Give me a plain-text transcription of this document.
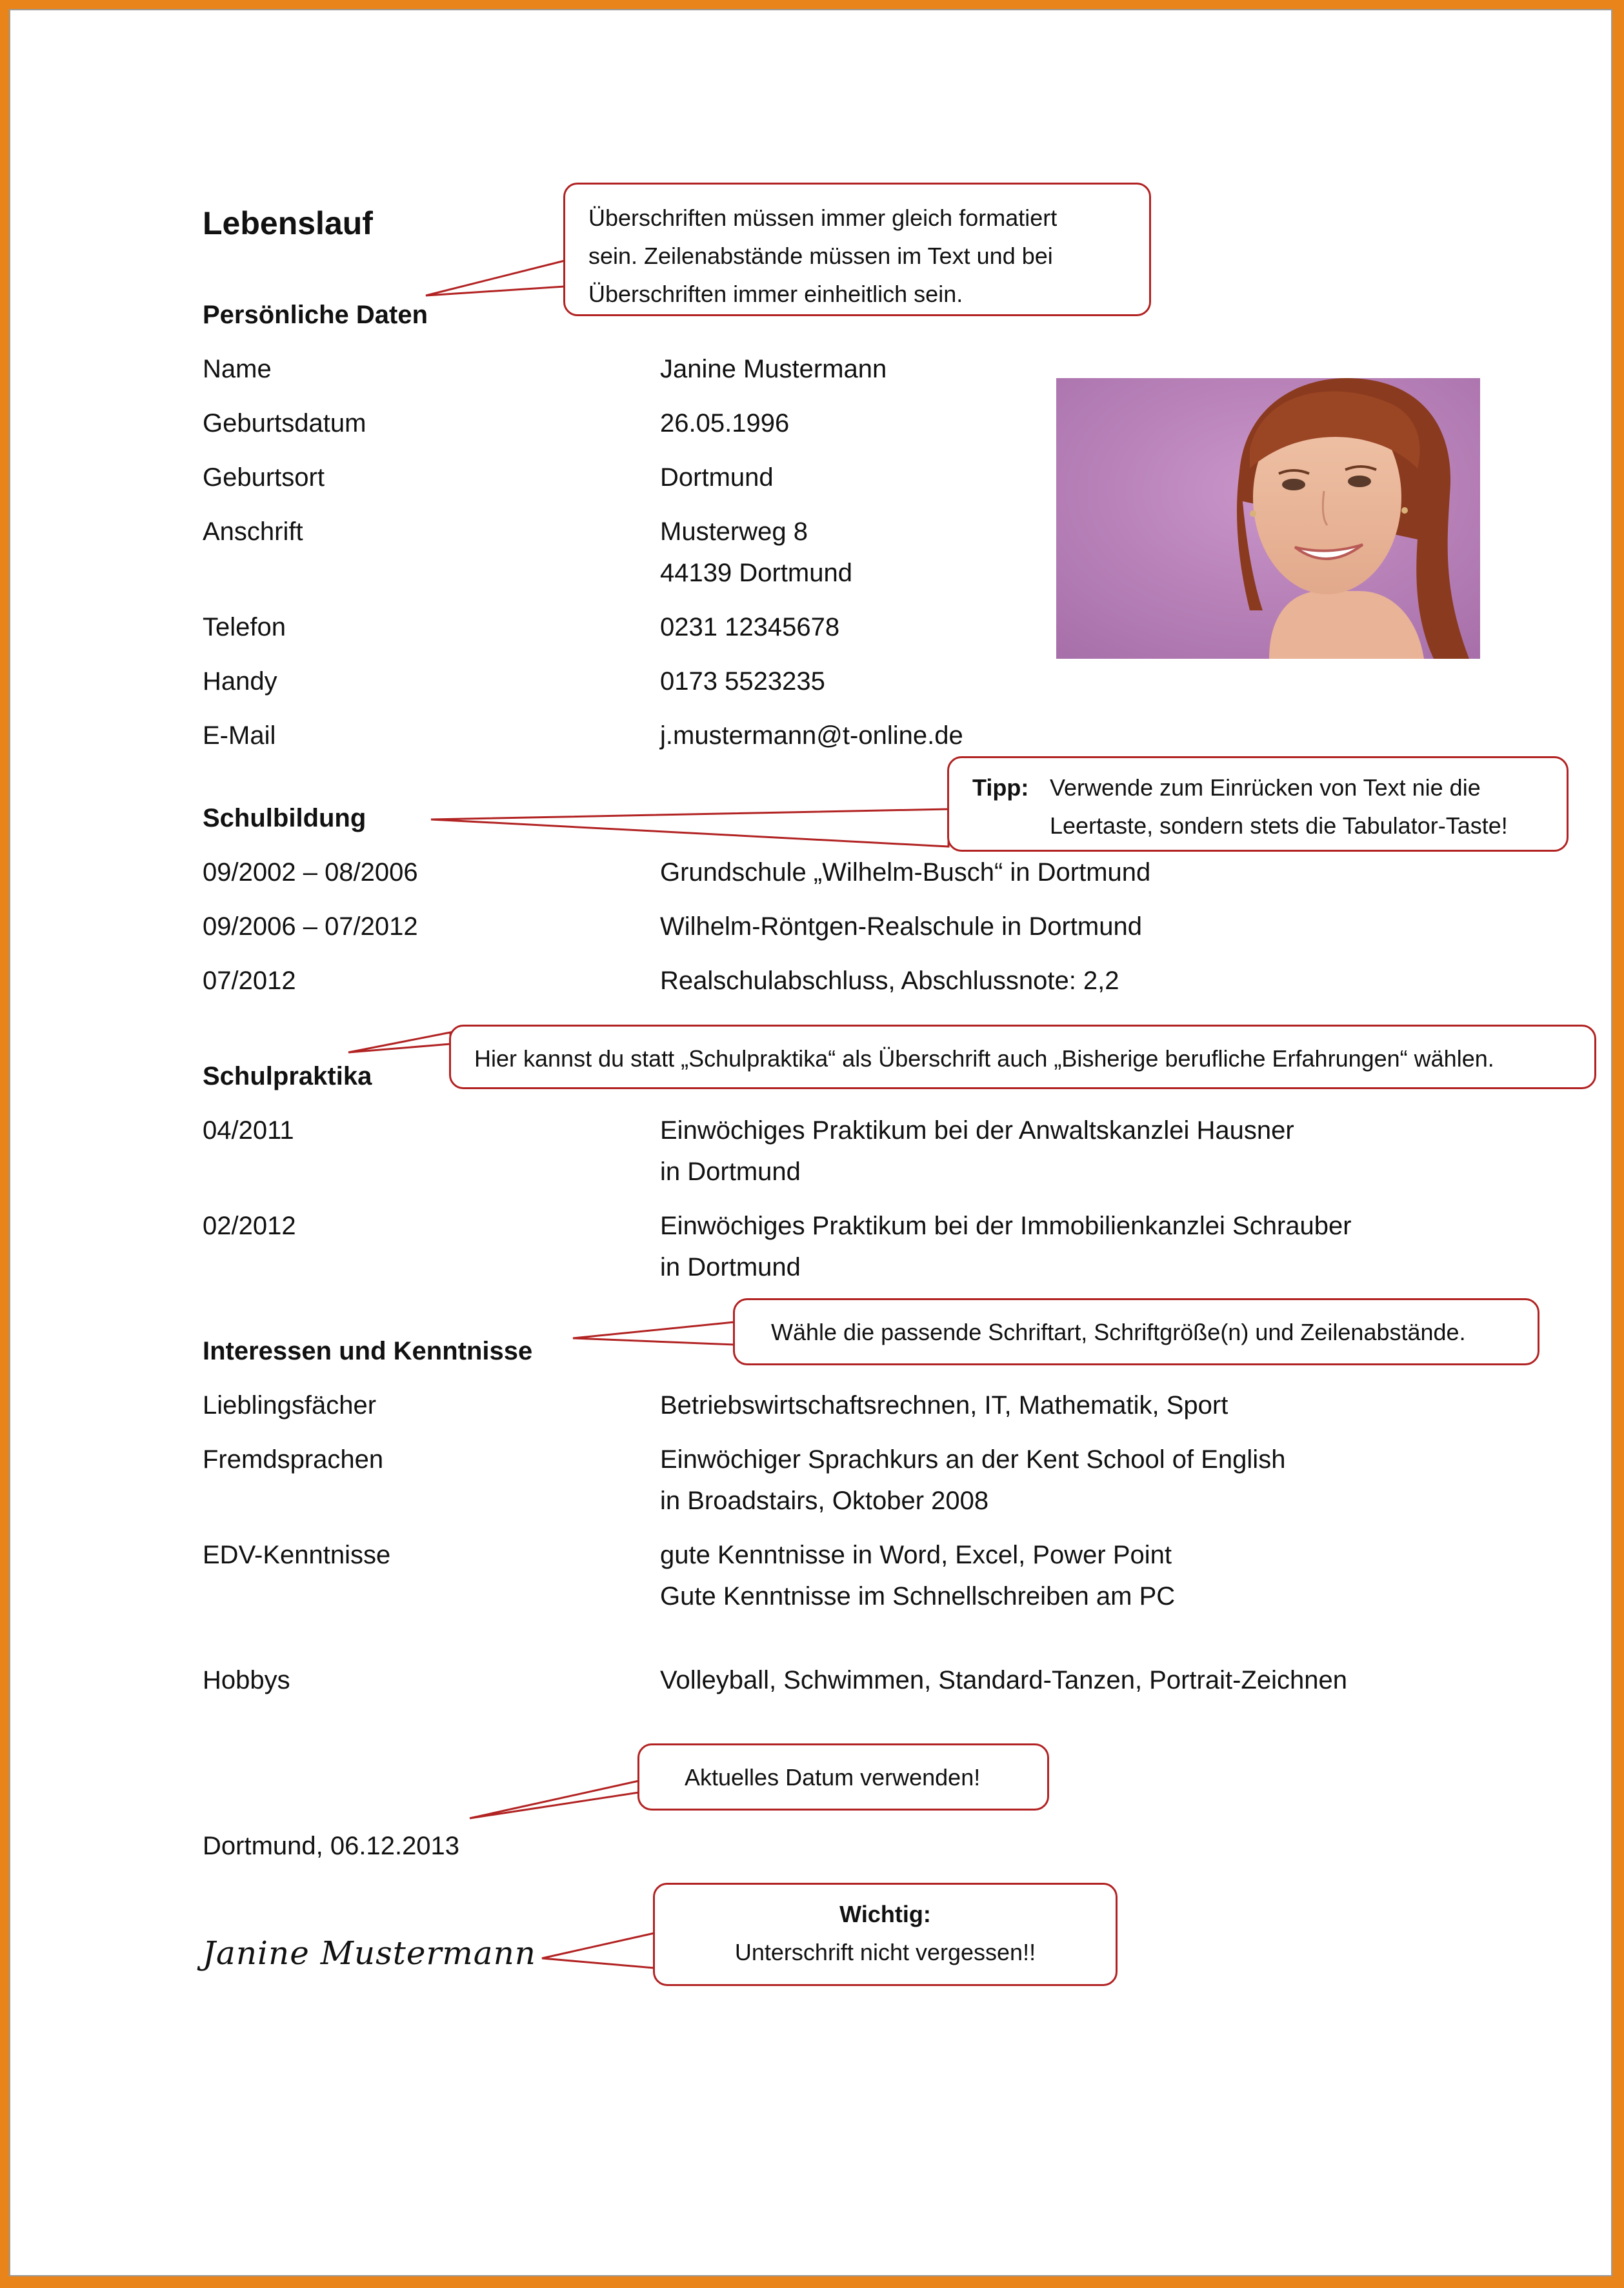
Lebenslauf
Persönliche Daten
Name	Janine Mustermann
Geburtsdatum	26.05.1996
Geburtsort	Dortmund
Anschrift	Musterweg 8
44139 Dortmund
Telefon	0231 12345678
Handy	0173 5523235
E-Mail	j.mustermann@t-online.de
Schulbildung
09/2002 – 08/2006	Grundschule „Wilhelm-Busch“ in Dortmund
09/2006 – 07/2012	Wilhelm-Röntgen-Realschule in Dortmund
07/2012	Realschulabschluss, Abschlussnote: 2,2
Schulpraktika
04/2011	Einwöchiges Praktikum bei der Anwaltskanzlei Hausner
in Dortmund
02/2012	Einwöchiges Praktikum bei der Immobilienkanzlei Schrauber
in Dortmund
Interessen und Kenntnisse
Lieblingsfächer	Betriebswirtschaftsrechnen, IT, Mathematik, Sport
Fremdsprachen	Einwöchiger Sprachkurs an der Kent School of English
in Broadstairs, Oktober 2008
EDV-Kenntnisse	gute Kenntnisse in Word, Excel, Power Point
Gute Kenntnisse im Schnellschreiben am PC
Hobbys	Volleyball, Schwimmen, Standard-Tanzen, Portrait-Zeichnen
Dortmund, 06.12.2013
Janine Mustermann

Überschriften müssen immer gleich formatiert

sein. Zeilenabstände müssen im Text und bei

Überschriften immer einheitlich sein.

Tipp: Verwende zum Einrücken von Text nie die

Leertaste, sondern stets die Tabulator-Taste!

Hier kannst du statt „Schulpraktika“ als Überschrift auch „Bisherige berufliche Erfahrungen“ wählen.

Wähle die passende Schriftart, Schriftgröße(n) und Zeilenabstände.

Aktuelles Datum verwenden!

Wichtig:

Unterschrift nicht vergessen!!
